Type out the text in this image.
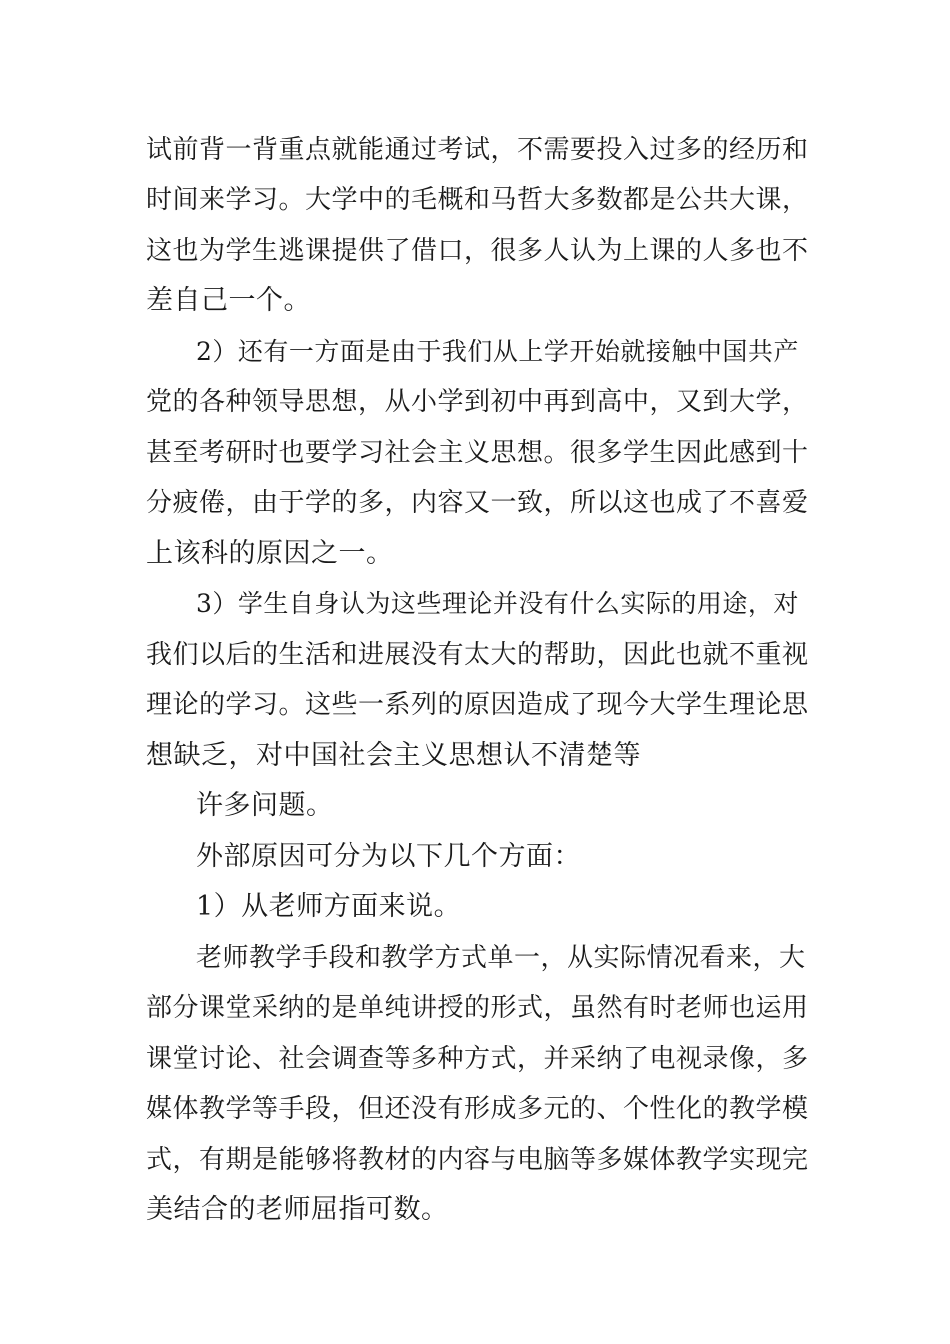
试前背一背重点就能通过考试，不需要投入过多的经历和
时间来学习。大学中的毛概和马哲大多数都是公共大课，
这也为学生逃课提供了借口，很多人认为上课的人多也不
差自己一个。
2）还有一方面是由于我们从上学开始就接触中国共产
党的各种领导思想，从小学到初中再到高中，又到大学，
甚至考研时也要学习社会主义思想。很多学生因此感到十
分疲倦，由于学的多，内容又一致，所以这也成了不喜爱
上该科的原因之一。
3）学生自身认为这些理论并没有什么实际的用途，对
我们以后的生活和进展没有太大的帮助，因此也就不重视
理论的学习。这些一系列的原因造成了现今大学生理论思
想缺乏，对中国社会主义思想认不清楚等
许多问题。
外部原因可分为以下几个方面：
1）从老师方面来说。
老师教学手段和教学方式单一，从实际情况看来，大
部分课堂采纳的是单纯讲授的形式，虽然有时老师也运用
课堂讨论、社会调查等多种方式，并采纳了电视录像，多
媒体教学等手段，但还没有形成多元的、个性化的教学模
式，有期是能够将教材的内容与电脑等多媒体教学实现完
美结合的老师屈指可数。
